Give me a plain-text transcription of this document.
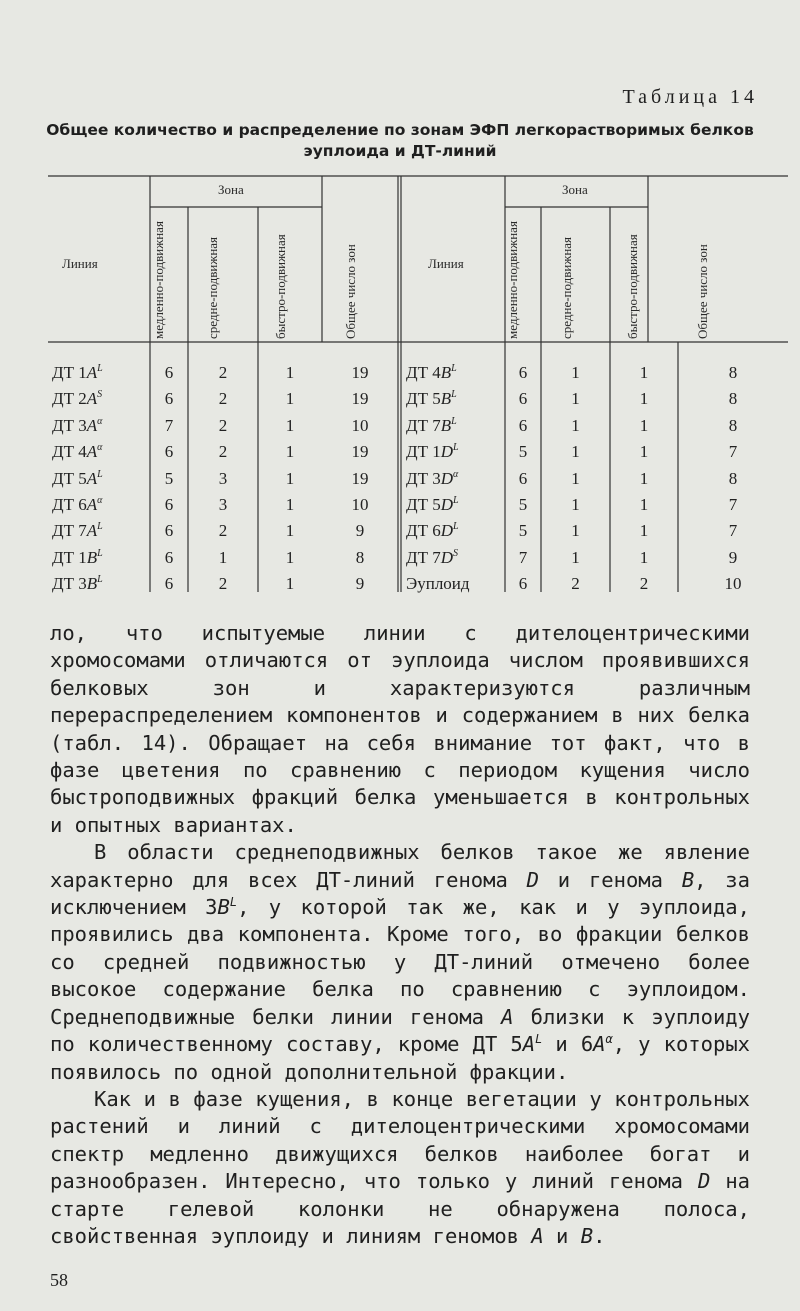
Таблица 14
Общее количество и распределение по зонам ЭФП легкорастворимых белков эуплоида и ДТ-линий
Линия
Зона
медленно-подвижная	средне-подвижная	быстро-подвижная	Общее число зон	Линия
Зона
медленно-подвижная	средне-подвижная	быстро-подвижная	Общее число зон
ДТ $1A^L$	6	2	1	19
ДТ $2A^S$	6	2	1	19
ДТ $3A^\alpha$	7	2	1	10
ДТ $4A^\alpha$	6	2	1	19
ДТ $5A^L$	5	3	1	19
ДТ $6A^\alpha$	6	3	1	10
ДТ $7A^L$	6	2	1	9
ДТ $1B^L$	6	1	1	8
ДТ $3B^L$	6	2	1	9
ДТ $4B^L$	6	1	1	8
ДТ $5B^L$	6	1	1	8
ДТ $7B^L$	6	1	1	8
ДТ $1D^L$	5	1	1	7
ДТ $3D^\alpha$	6	1	1	8
ДТ $5D^L$	5	1	1	7
ДТ $6D^L$	5	1	1	7
ДТ $7D^S$	7	1	1	9
Эуплоид	6	2	2	10

ло, что испытуемые линии с дителоцентрическими хромосомами отличаются от эуплоида числом проявившихся белковых зон и характеризуются различным перераспределением компонентов и содержанием в них белка (табл. 14). Обращает на себя внимание тот факт, что в фазе цветения по сравнению с периодом кущения число быстроподвижных фракций белка уменьшается в контрольных и опытных вариантах.

В области среднеподвижных белков такое же явление характерно для всех ДТ-линий генома D и генома B, за исключением $3B^L$, у которой так же, как и у эуплоида, проявились два компонента. Кроме того, во фракции белков со средней подвижностью у ДТ-линий отмечено более высокое содержание белка по сравнению с эуплоидом. Среднеподвижные белки линии генома A близки к эуплоиду по количественному составу, кроме ДТ $5A^L$ и $6A^\alpha$, у которых появилось по одной дополнительной фракции.

Как и в фазе кущения, в конце вегетации у контрольных растений и линий с дителоцентрическими хромосомами спектр медленно движущихся белков наиболее богат и разнообразен. Интересно, что только у линий генома D на старте гелевой колонки не обнаружена полоса, свойственная эуплоиду и линиям геномов A и B.

58
